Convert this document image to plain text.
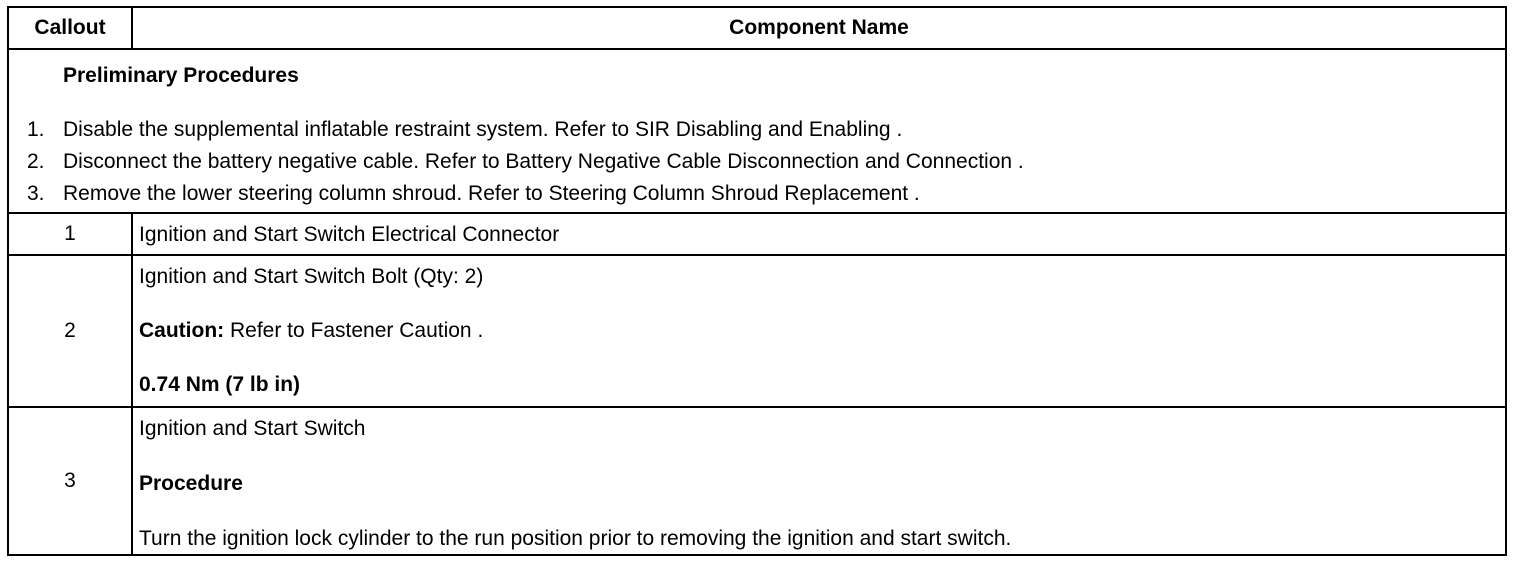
Callout	Component Name
Preliminary Procedures
1. Disable the supplemental inflatable restraint system. Refer to SIR Disabling and Enabling .
2. Disconnect the battery negative cable. Refer to Battery Negative Cable Disconnection and Connection .
3. Remove the lower steering column shroud. Refer to Steering Column Shroud Replacement .
1	Ignition and Start Switch Electrical Connector
2
Ignition and Start Switch Bolt (Qty: 2)
Caution: Refer to Fastener Caution .
0.74 Nm (7 lb in)
3
Ignition and Start Switch
Procedure
Turn the ignition lock cylinder to the run position prior to removing the ignition and start switch.
